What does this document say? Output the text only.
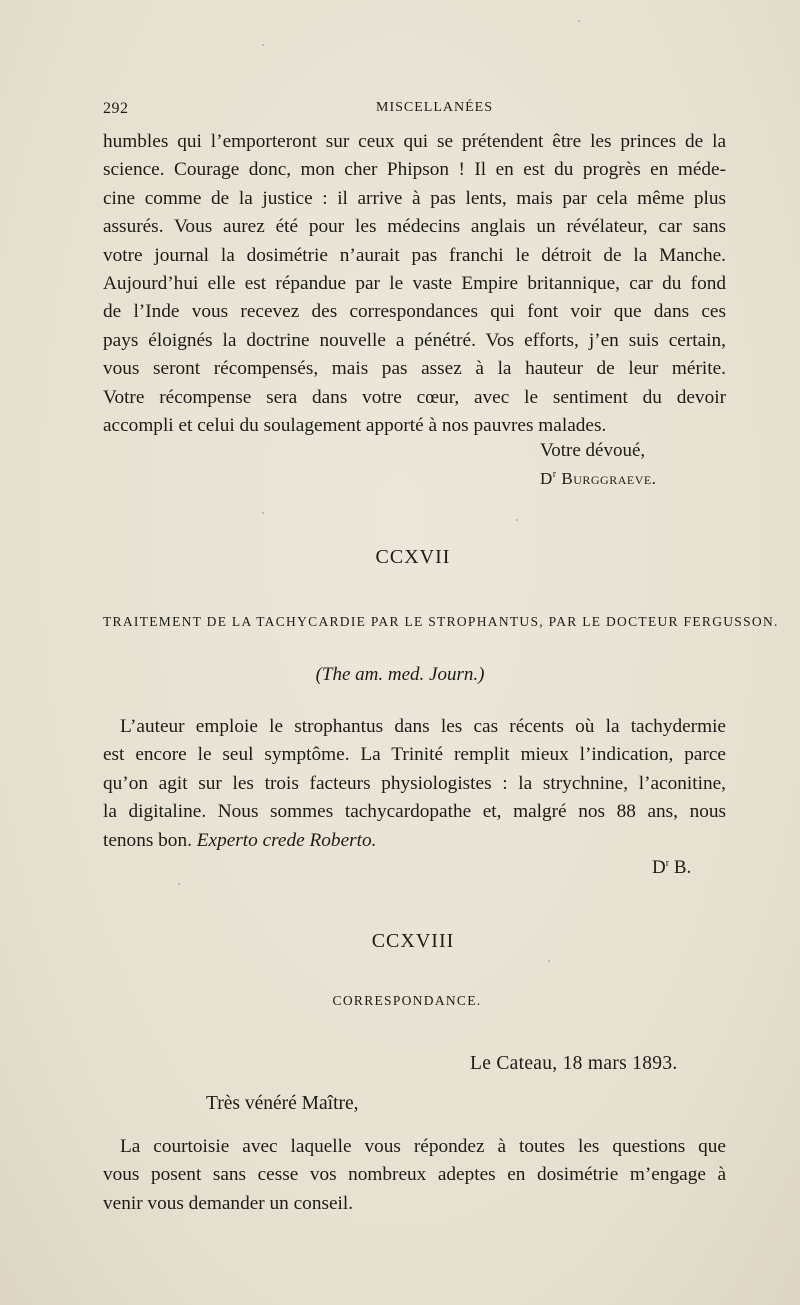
292	MISCELLANÉES
humbles qui l’emporteront sur ceux qui se prétendent être les princes de la
science. Courage donc, mon cher Phipson ! Il en est du progrès en méde-
cine comme de la justice : il arrive à pas lents, mais par cela même plus
assurés. Vous aurez été pour les médecins anglais un révélateur, car sans
votre journal la dosimétrie n’aurait pas franchi le détroit de la Manche.
Aujourd’hui elle est répandue par le vaste Empire britannique, car du fond
de l’Inde vous recevez des correspondances qui font voir que dans ces
pays éloignés la doctrine nouvelle a pénétré. Vos efforts, j’en suis certain,
vous seront récompensés, mais pas assez à la hauteur de leur mérite.
Votre récompense sera dans votre cœur, avec le sentiment du devoir
accompli et celui du soulagement apporté à nos pauvres malades.
Votre dévoué,
$D^r$ Burggraeve.
CCXVII
TRAITEMENT DE LA TACHYCARDIE PAR LE STROPHANTUS, PAR LE DOCTEUR FERGUSSON.
(The am. med. Journ.)
L’auteur emploie le strophantus dans les cas récents où la tachydermie
est encore le seul symptôme. La Trinité remplit mieux l’indication, parce
qu’on agit sur les trois facteurs physiologistes : la strychnine, l’aconitine,
la digitaline. Nous sommes tachycardopathe et, malgré nos 88 ans, nous
tenons bon. Experto crede Roberto.
$D^r$ B.
CCXVIII
CORRESPONDANCE.
Le Cateau, 18 mars 1893.
Très vénéré Maître,
La courtoisie avec laquelle vous répondez à toutes les questions que
vous posent sans cesse vos nombreux adeptes en dosimétrie m’engage à
venir vous demander un conseil.
